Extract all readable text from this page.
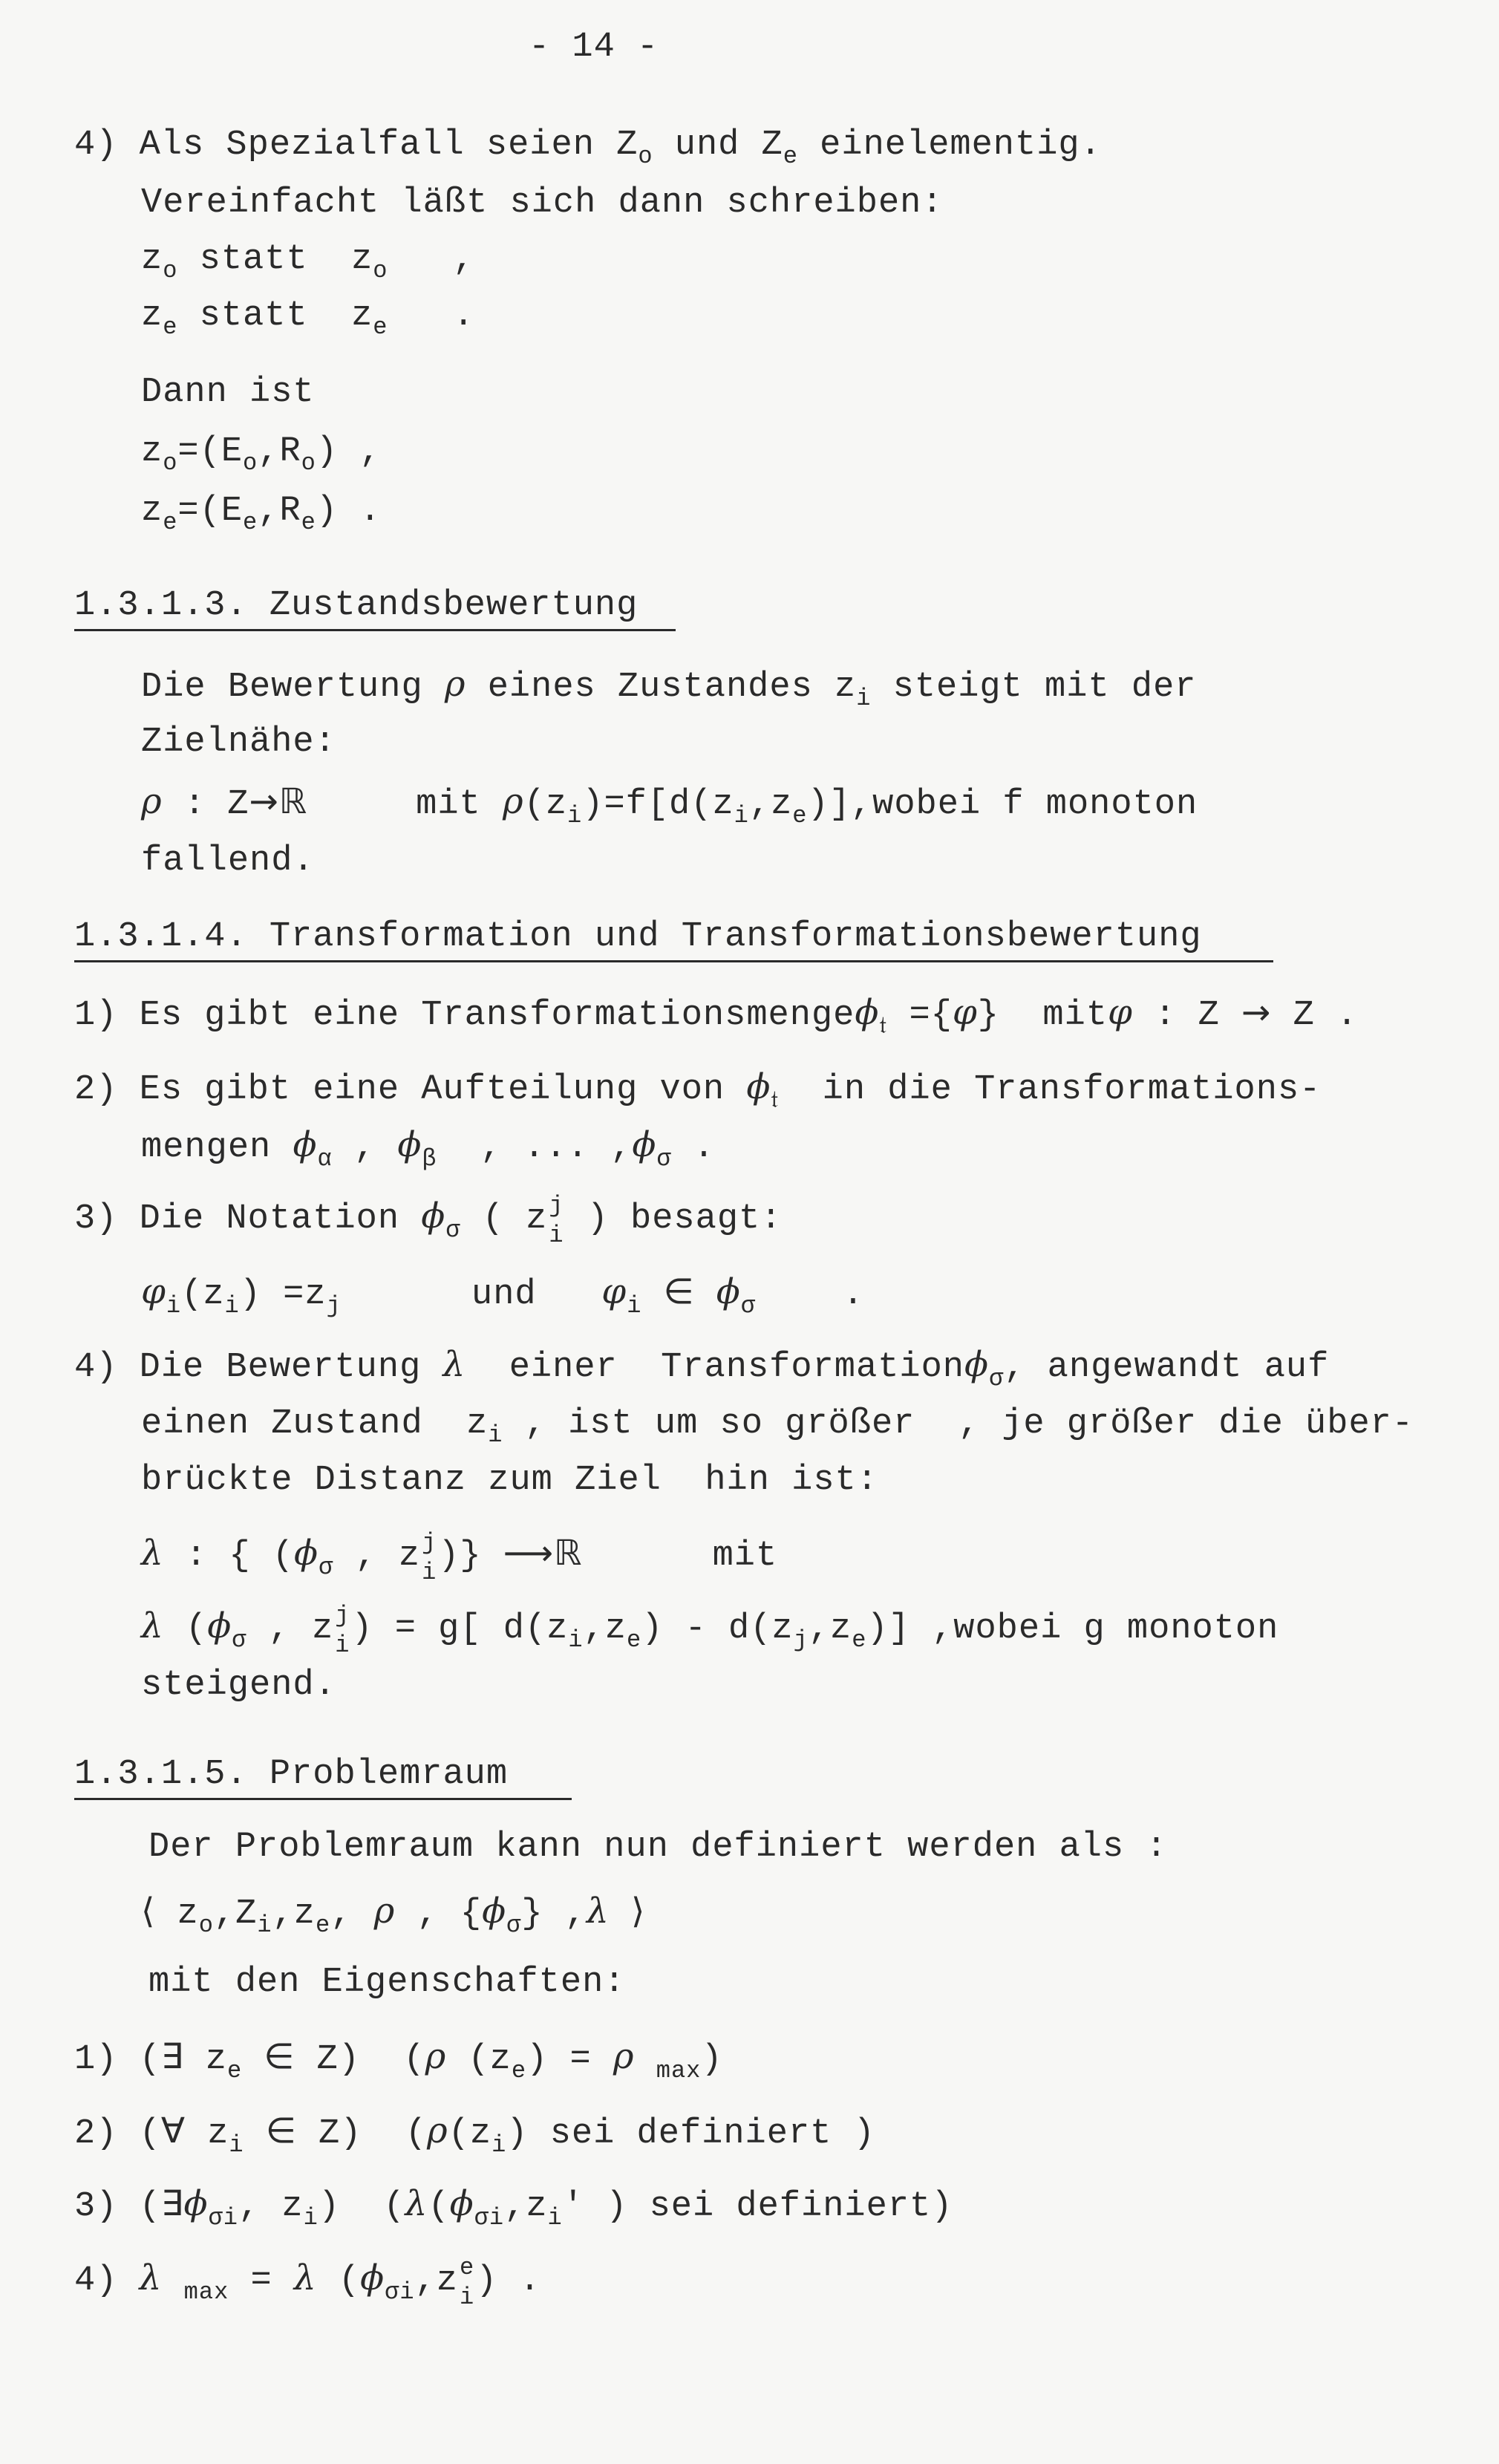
- 14 -
4) Als Spezialfall seien $Z_o$ und $Z_e$ einelementig.
Vereinfacht läßt sich dann schreiben:
$z_o$ statt  $z_o$   ,
$z_e$ statt  $z_e$   .
Dann ist
$z_o=(E_o,R_o)$ ,
$z_e=(E_e,R_e)$ .
1.3.1.3. Zustandsbewertung
Die Bewertung ρ eines Zustandes $z_i$ steigt mit der
Zielnähe:
ρ : Z→ℝ	mit $\rho(z_i)=f[d(z_i,z_e)],wobei$ f monoton
fallend.
1.3.1.4. Transformation und Transformationsbewertung
1) Es gibt eine Transformationsmengeϕ$_𝔱$ ={φ}  mitφ : Z → Z .
2) Es gibt eine Aufteilung von $\phi_𝔱$ in die Transformations-
mengen $\phi_\alpha$ , $\phi_\beta$  , ... $,\phi_\sigma$ .
3) Die Notation $\phi_\sigma$ ( z j
i ) besagt:
$\varphi_i(z_i) =z_j$	und $\varphi_i$ ∈ $\phi_\sigma$    .
4) Die Bewertung λ einer  Transformationϕ$_\sigma$, angewandt auf
einen Zustand  $z_i$ , ist um so größer  , je größer die über-
brückte Distanz zum Ziel  hin ist:
λ : { ($\phi_\sigma$ , z j
i )} ⟶ℝ	mit
λ ($\phi_\sigma$ , z j
i ) = g[ $d(z_i,z_e) - d(z_j,z_e)$] ,wobei g monoton
steigend.
1.3.1.5. Problemraum
Der Problemraum kann nun definiert werden als :
⟨ $z_o,Z_i,z_e$, ρ , $\{\phi_\sigma\}$ ,λ ⟩
mit den Eigenschaften:
1) (∃ $z_e$ ∈ Z)  (ρ $(z_e) = \rho$ $_{max}$)
2) (∀ $z_i$ ∈ Z)  ($\rho(z_i)$ sei definiert )
3) ($\exists\phi_{\sigma i}$, $z_i$)  ($\lambda(\phi_{\sigma i},z_i'$ ) sei definiert)
4) λ $_{max}$ = λ ($\phi_{\sigma i},z$ e
i ) .
